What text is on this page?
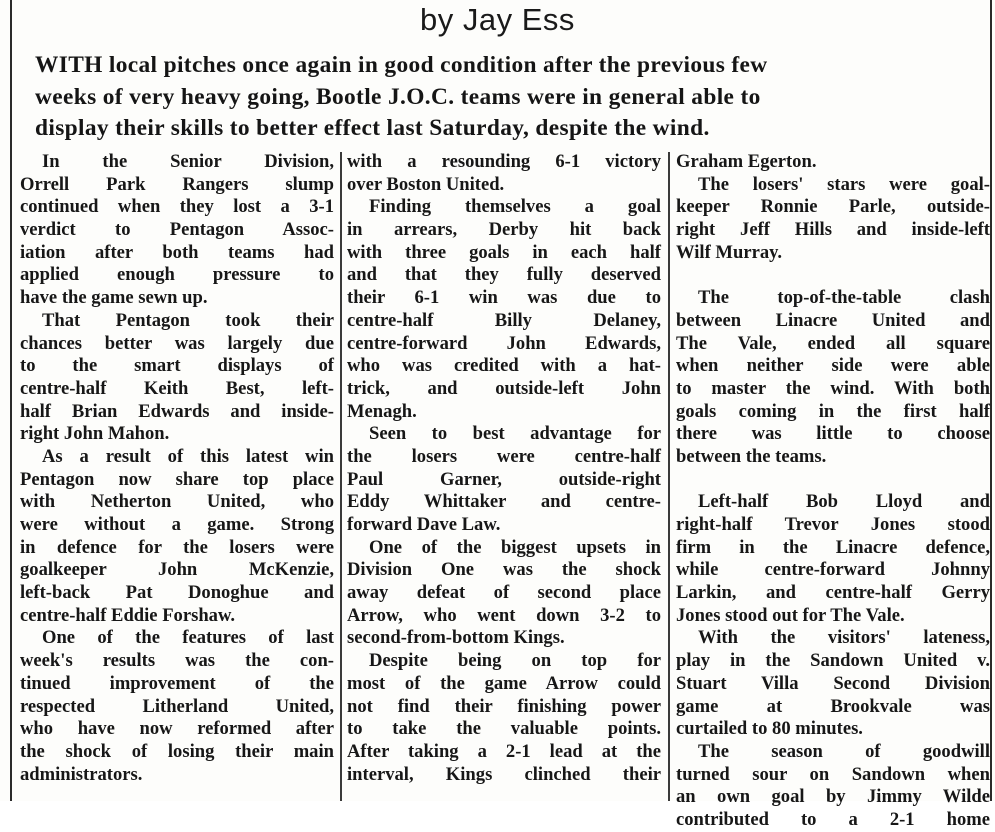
by Jay Ess
WITH local pitches once again in good condition after the previous few
weeks of very heavy going, Bootle J.O.C. teams were in general able to
display their skills to better effect last Saturday, despite the wind.
In the Senior Division,
Orrell Park Rangers slump
continued when they lost a 3-1
verdict to Pentagon Assoc-
iation after both teams had
applied enough pressure to
have the game sewn up.
That Pentagon took their
chances better was largely due
to the smart displays of
centre-half Keith Best, left-
half Brian Edwards and inside-
right John Mahon.
As a result of this latest win
Pentagon now share top place
with Netherton United, who
were without a game. Strong
in defence for the losers were
goalkeeper John McKenzie,
left-back Pat Donoghue and
centre-half Eddie Forshaw.
One of the features of last
week's results was the con-
tinued improvement of the
respected Litherland United,
who have now reformed after
the shock of losing their main
administrators.
with a resounding 6-1 victory
over Boston United.
Finding themselves a goal
in arrears, Derby hit back
with three goals in each half
and that they fully deserved
their 6-1 win was due to
centre-half Billy Delaney,
centre-forward John Edwards,
who was credited with a hat-
trick, and outside-left John
Menagh.
Seen to best advantage for
the losers were centre-half
Paul Garner, outside-right
Eddy Whittaker and centre-
forward Dave Law.
One of the biggest upsets in
Division One was the shock
away defeat of second place
Arrow, who went down 3-2 to
second-from-bottom Kings.
Despite being on top for
most of the game Arrow could
not find their finishing power
to take the valuable points.
After taking a 2-1 lead at the
interval, Kings clinched their
Graham Egerton.
The losers' stars were goal-
keeper Ronnie Parle, outside-
right Jeff Hills and inside-left
Wilf Murray.
The top-of-the-table clash
between Linacre United and
The Vale, ended all square
when neither side were able
to master the wind. With both
goals coming in the first half
there was little to choose
between the teams.
Left-half Bob Lloyd and
right-half Trevor Jones stood
firm in the Linacre defence,
while centre-forward Johnny
Larkin, and centre-half Gerry
Jones stood out for The Vale.
With the visitors' lateness,
play in the Sandown United v.
Stuart Villa Second Division
game at Brookvale was
curtailed to 80 minutes.
The season of goodwill
turned sour on Sandown when
an own goal by Jimmy Wilde
contributed to a 2-1 home
